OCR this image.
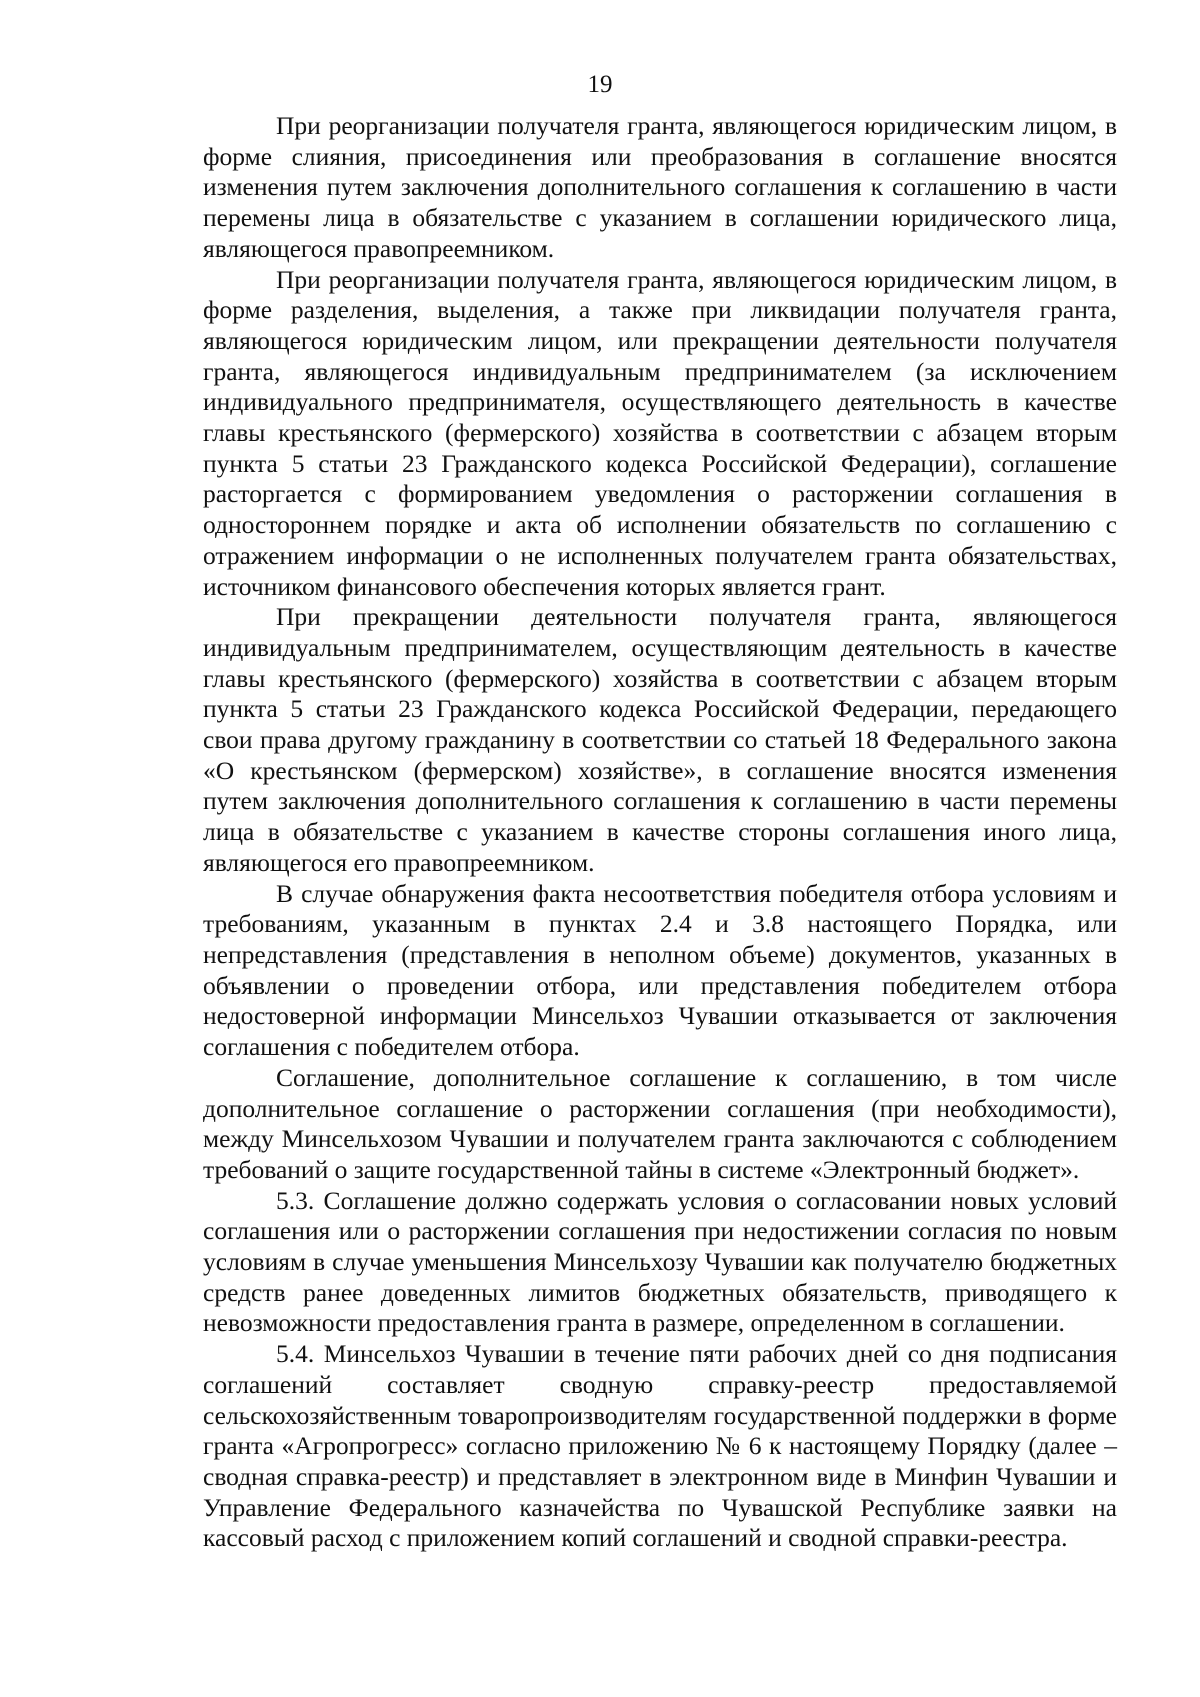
19

При реорганизации получателя гранта, являющегося юридическим лицом, в форме слияния, присоединения или преобразования в соглашение вносятся изменения путем заключения дополнительного соглашения к соглашению в части перемены лица в обязательстве с указанием в соглашении юридического лица, являющегося правопреемником.

При реорганизации получателя гранта, являющегося юридическим лицом, в форме разделения, выделения, а также при ликвидации получателя гранта, являющегося юридическим лицом, или прекращении деятельности получателя гранта, являющегося индивидуальным предпринимателем (за исключением индивидуального предпринимателя, осуществляющего деятельность в качестве главы крестьянского (фермерского) хозяйства в соответствии с абзацем вторым пункта 5 статьи 23 Гражданского кодекса Российской Федерации), соглашение расторгается с формированием уведомления о расторжении соглашения в одностороннем порядке и акта об исполнении обязательств по соглашению с отражением информации о не исполненных получателем гранта обязательствах, источником финансового обеспечения которых является грант.

При прекращении деятельности получателя гранта, являющегося индивидуальным предпринимателем, осуществляющим деятельность в качестве главы крестьянского (фермерского) хозяйства в соответствии с абзацем вторым пункта 5 статьи 23 Гражданского кодекса Российской Федерации, передающего свои права другому гражданину в соответствии со статьей 18 Федерального закона «О крестьянском (фермерском) хозяйстве», в соглашение вносятся изменения путем заключения дополнительного соглашения к соглашению в части перемены лица в обязательстве с указанием в качестве стороны соглашения иного лица, являющегося его правопреемником.

В случае обнаружения факта несоответствия победителя отбора условиям и требованиям, указанным в пунктах 2.4 и 3.8 настоящего Порядка, или непредставления (представления в неполном объеме) документов, указанных в объявлении о проведении отбора, или представления победителем отбора недостоверной информации Минсельхоз Чувашии отказывается от заключения соглашения с победителем отбора.

Соглашение, дополнительное соглашение к соглашению, в том числе дополнительное соглашение о расторжении соглашения (при необходимости), между Минсельхозом Чувашии и получателем гранта заключаются с соблюдением требований о защите государственной тайны в системе «Электронный бюджет».

5.3. Соглашение должно содержать условия о согласовании новых условий соглашения или о расторжении соглашения при недостижении согласия по новым условиям в случае уменьшения Минсельхозу Чувашии как получателю бюджетных средств ранее доведенных лимитов бюджетных обязательств, приводящего к невозможности предоставления гранта в размере, определенном в соглашении.

5.4. Минсельхоз Чувашии в течение пяти рабочих дней со дня подписания соглашений составляет сводную справку-реестр предоставляемой сельскохозяйственным товаропроизводителям государственной поддержки в форме гранта «Агропрогресс» согласно приложению № 6 к настоящему Порядку (далее – сводная справка-реестр) и представляет в электронном виде в Минфин Чувашии и Управление Федерального казначейства по Чувашской Республике заявки на кассовый расход с приложением копий соглашений и сводной справки-реестра.
